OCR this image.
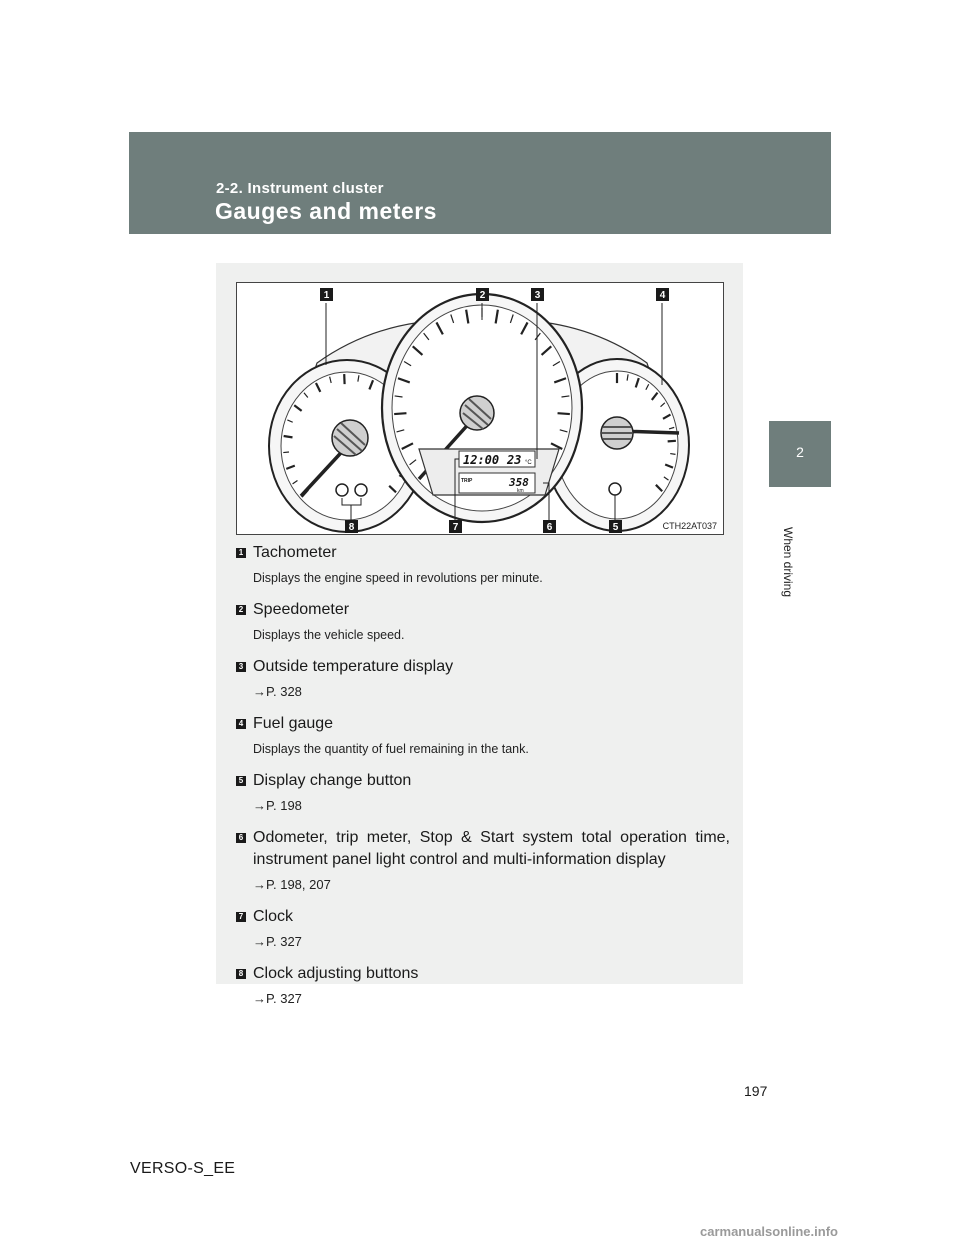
2-2. Instrument cluster
Gauges and meters
2
When driving
12:00 23 °C
TRIP	358
km
1	2	3	4
5
6
7
8	CTH22AT037
1 Tachometer
Displays the engine speed in revolutions per minute.
2 Speedometer
Displays the vehicle speed.
3 Outside temperature display
→P. 328
4 Fuel gauge
Displays the quantity of fuel remaining in the tank.
5 Display change button
→P. 198
6 Odometer, trip meter, Stop & Start system total operation time, instrument panel light control and multi-information display
→P. 198, 207
7 Clock
→P. 327
8 Clock adjusting buttons
→P. 327
197
VERSO-S_EE
carmanualsonline.info
